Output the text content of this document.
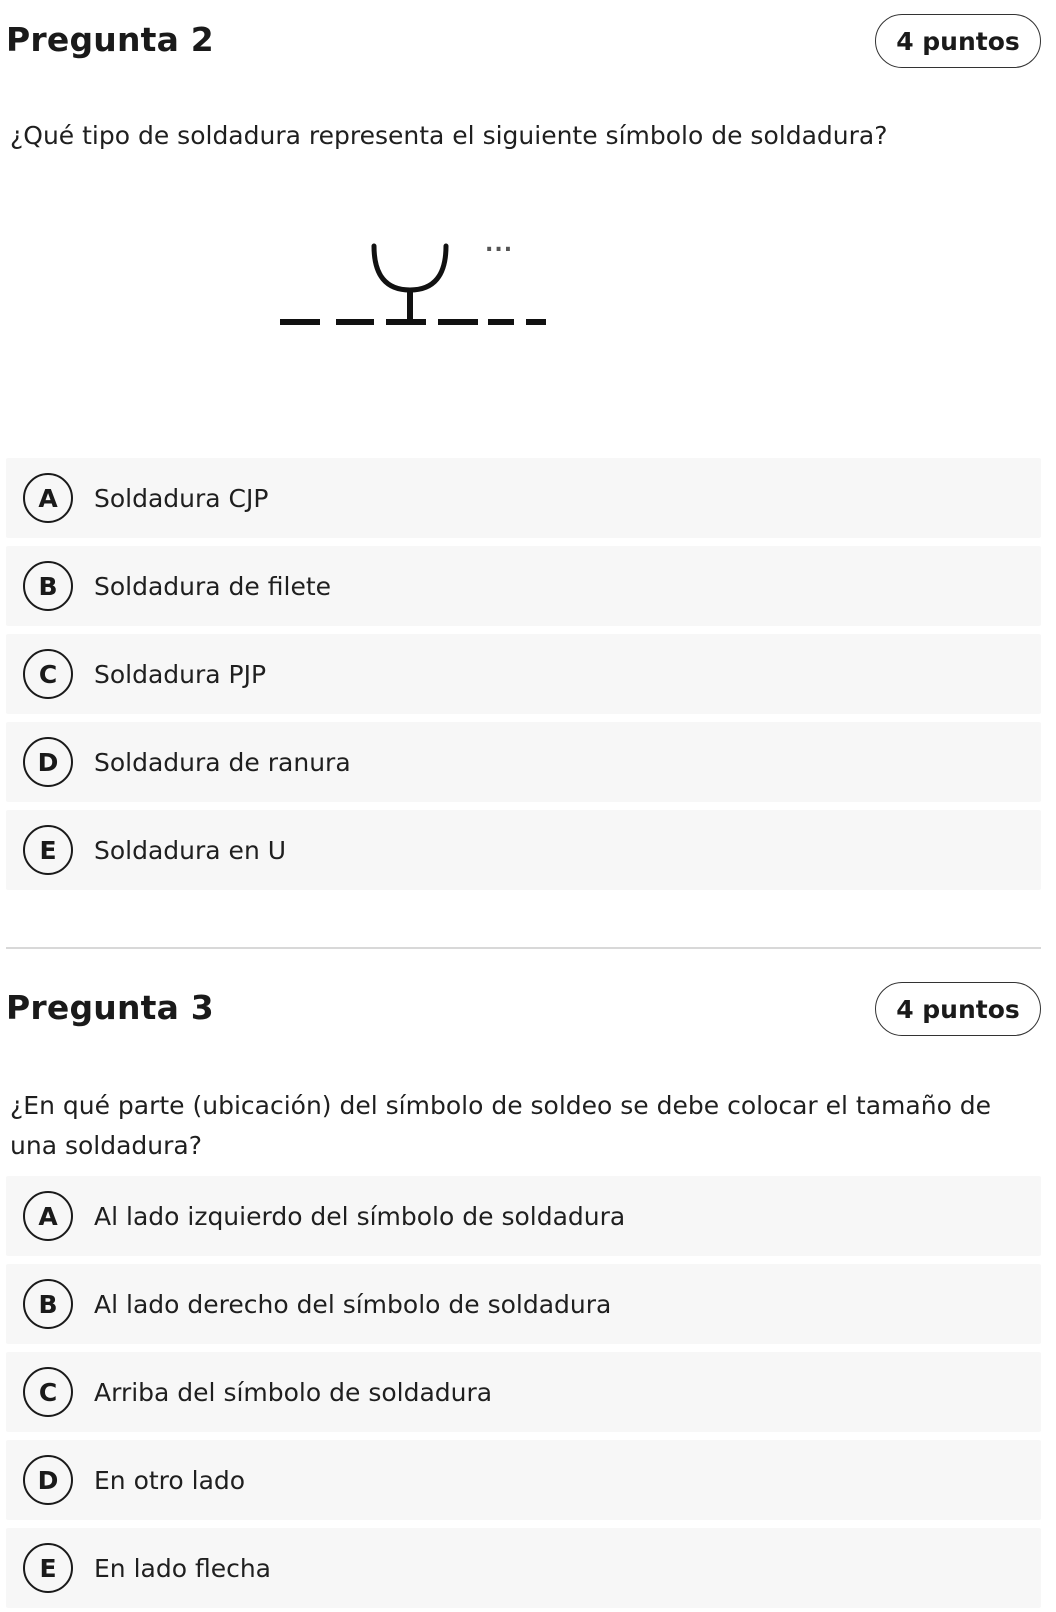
Pregunta 2	4 puntos

¿Qué tipo de soldadura representa el siguiente símbolo de soldadura?

...
A	Soldadura CJP
B	Soldadura de filete
C	Soldadura PJP
D	Soldadura de ranura
E	Soldadura en U
Pregunta 3	4 puntos

¿En qué parte (ubicación) del símbolo de soldeo se debe colocar el tamaño de una soldadura?

A	Al lado izquierdo del símbolo de soldadura
B	Al lado derecho del símbolo de soldadura
C	Arriba del símbolo de soldadura
D	En otro lado
E	En lado flecha
